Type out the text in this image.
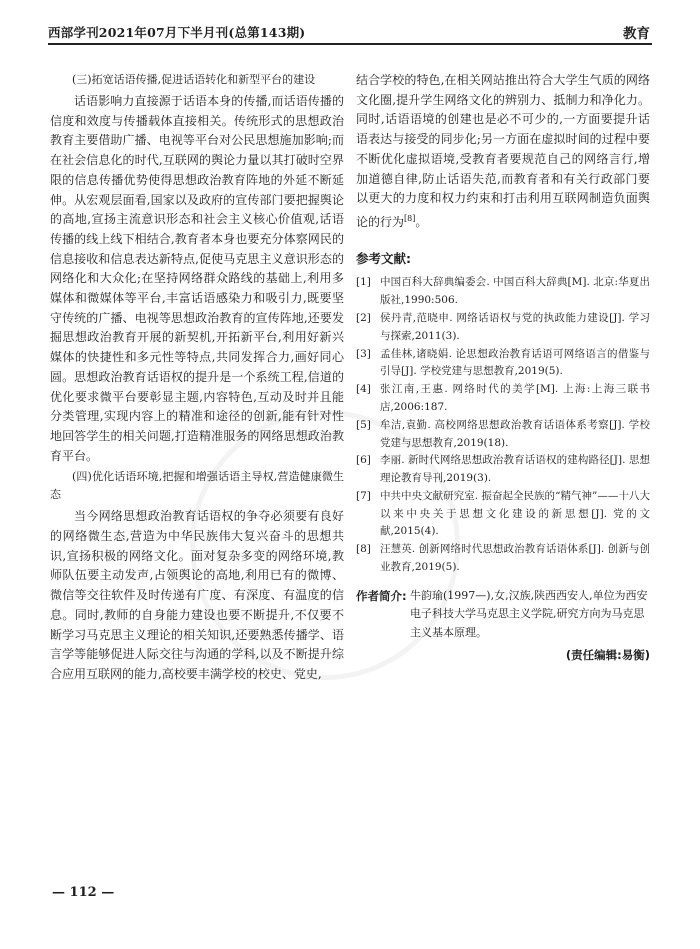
西部学刊2021年07月下半月刊(总第143期)	教育

(三)拓宽话语传播,促进话语转化和新型平台的建设

话语影响力直接源于话语本身的传播,而话语传播的信度和效度与传播载体直接相关。传统形式的思想政治教育主要借助广播、电视等平台对公民思想施加影响;而在社会信息化的时代,互联网的舆论力量以其打破时空界限的信息传播优势使得思想政治教育阵地的外延不断延伸。从宏观层面看,国家以及政府的宣传部门要把握舆论的高地,宣扬主流意识形态和社会主义核心价值观,话语传播的线上线下相结合,教育者本身也要充分体察网民的信息接收和信息表达新特点,促使马克思主义意识形态的网络化和大众化;在坚持网络群众路线的基础上,利用多媒体和微媒体等平台,丰富话语感染力和吸引力,既要坚守传统的广播、电视等思想政治教育的宣传阵地,还要发掘思想政治教育开展的新契机,开拓新平台,利用好新兴媒体的快捷性和多元性等特点,共同发挥合力,画好同心圆。思想政治教育话语权的提升是一个系统工程,信道的优化要求微平台要彰显主题,内容特色,互动及时并且能分类管理,实现内容上的精准和途径的创新,能有针对性地回答学生的相关问题,打造精准服务的网络思想政治教育平台。

(四)优化话语环境,把握和增强话语主导权,营造健康微生态

当今网络思想政治教育话语权的争夺必须要有良好的网络微生态,营造为中华民族伟大复兴奋斗的思想共识,宣扬积极的网络文化。面对复杂多变的网络环境,教师队伍要主动发声,占领舆论的高地,利用已有的微博、微信等交往软件及时传递有广度、有深度、有温度的信息。同时,教师的自身能力建设也要不断提升,不仅要不断学习马克思主义理论的相关知识,还要熟悉传播学、语言学等能够促进人际交往与沟通的学科,以及不断提升综合应用互联网的能力,高校要丰满学校的校史、党史,

结合学校的特色,在相关网站推出符合大学生气质的网络文化圈,提升学生网络文化的辨别力、抵制力和净化力。同时,话语语境的创建也是必不可少的,一方面要提升话语表达与接受的同步化;另一方面在虚拟时间的过程中要不断优化虚拟语境,受教育者要规范自己的网络言行,增加道德自律,防止话语失范,而教育者和有关行政部门要以更大的力度和权力约束和打击利用互联网制造负面舆论的行为[8]。

参考文献:
[1] 中国百科大辞典编委会. 中国百科大辞典[M]. 北京:华夏出版社,1990:506.
[2] 侯丹青,范晓申. 网络话语权与党的执政能力建设[J]. 学习与探索,2011(3).
[3] 孟佳林,诸晓娟. 论思想政治教育话语可网络语言的借鉴与引导[J]. 学校党建与思想教育,2019(5).
[4] 张江南,王惠. 网络时代的美学[M]. 上海:上海三联书店,2006:187.
[5] 牟洁,袁勤. 高校网络思想政治教育话语体系考察[J]. 学校党建与思想教育,2019(18).
[6] 李丽. 新时代网络思想政治教育话语权的建构路径[J]. 思想理论教育导刊,2019(3).
[7] 中共中央文献研究室. 振奋起全民族的“精气神”——十八大以来中央关于思想文化建设的新思想[J]. 党的文献,2015(4).
[8] 汪慧英. 创新网络时代思想政治教育话语体系[J]. 创新与创业教育,2019(5).
作者简介: 牛韵瑜(1997—),女,汉族,陕西西安人,单位为西安电子科技大学马克思主义学院,研究方向为马克思主义基本原理。
(责任编辑:易衡)
— 112 —
